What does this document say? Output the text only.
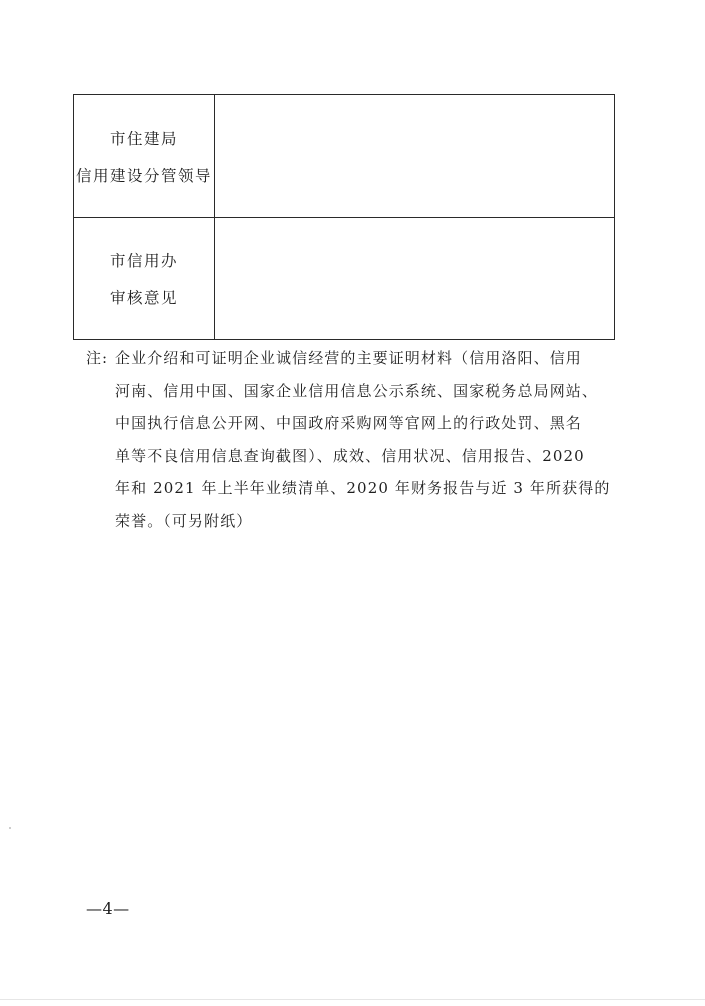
市住建局
信用建设分管领导	

市信用办
审核意见	

注: 企业介绍和可证明企业诚信经营的主要证明材料（信用洛阳、信用
河南、信用中国、国家企业信用信息公示系统、国家税务总局网站、
中国执行信息公开网、中国政府采购网等官网上的行政处罚、黑名
单等不良信用信息查询截图）、成效、信用状况、信用报告、2020
年和 2021 年上半年业绩清单、2020 年财务报告与近 3 年所获得的
荣誉。（可另附纸）
—4—
